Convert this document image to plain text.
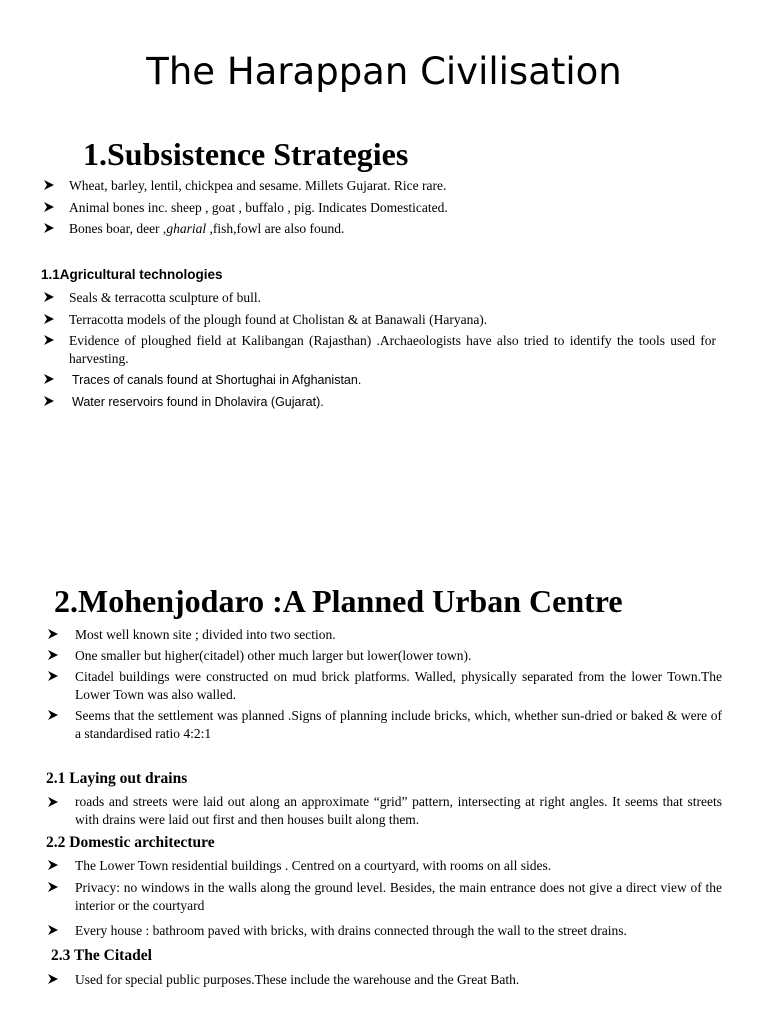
The Harappan Civilisation
1.Subsistence Strategies
Wheat, barley, lentil, chickpea and sesame. Millets Gujarat. Rice rare.
Animal bones inc. sheep , goat , buffalo , pig. Indicates Domesticated.
Bones boar, deer ,gharial ,fish,fowl are also found.
1.1Agricultural technologies
Seals & terracotta sculpture of bull.
Terracotta models of the plough found at Cholistan & at Banawali (Haryana).
Evidence of ploughed field at Kalibangan (Rajasthan) .Archaeologists have also tried to identify the tools used for harvesting.
Traces of canals found at Shortughai in Afghanistan.
Water reservoirs found in Dholavira (Gujarat).
2.Mohenjodaro :A Planned Urban Centre
Most well known site ; divided into two section.
One smaller but higher(citadel) other much larger but lower(lower town).
Citadel buildings were constructed on mud brick platforms. Walled, physically separated from the lower Town.The Lower Town was also walled.
Seems that the settlement was planned .Signs of planning include bricks, which, whether sun-dried or baked & were of a standardised ratio 4:2:1
2.1 Laying out drains
roads and streets were laid out along an approximate “grid” pattern, intersecting at right angles. It seems that streets with drains were laid out first and then houses built along them.
2.2 Domestic architecture
The Lower Town residential buildings . Centred on a courtyard, with rooms on all sides.
Privacy: no windows in the walls along the ground level. Besides, the main entrance does not give a direct view of the interior or the courtyard
Every house : bathroom paved with bricks, with drains connected through the wall to the street drains.
2.3 The Citadel
Used for special public purposes.These include the warehouse and the Great Bath.
